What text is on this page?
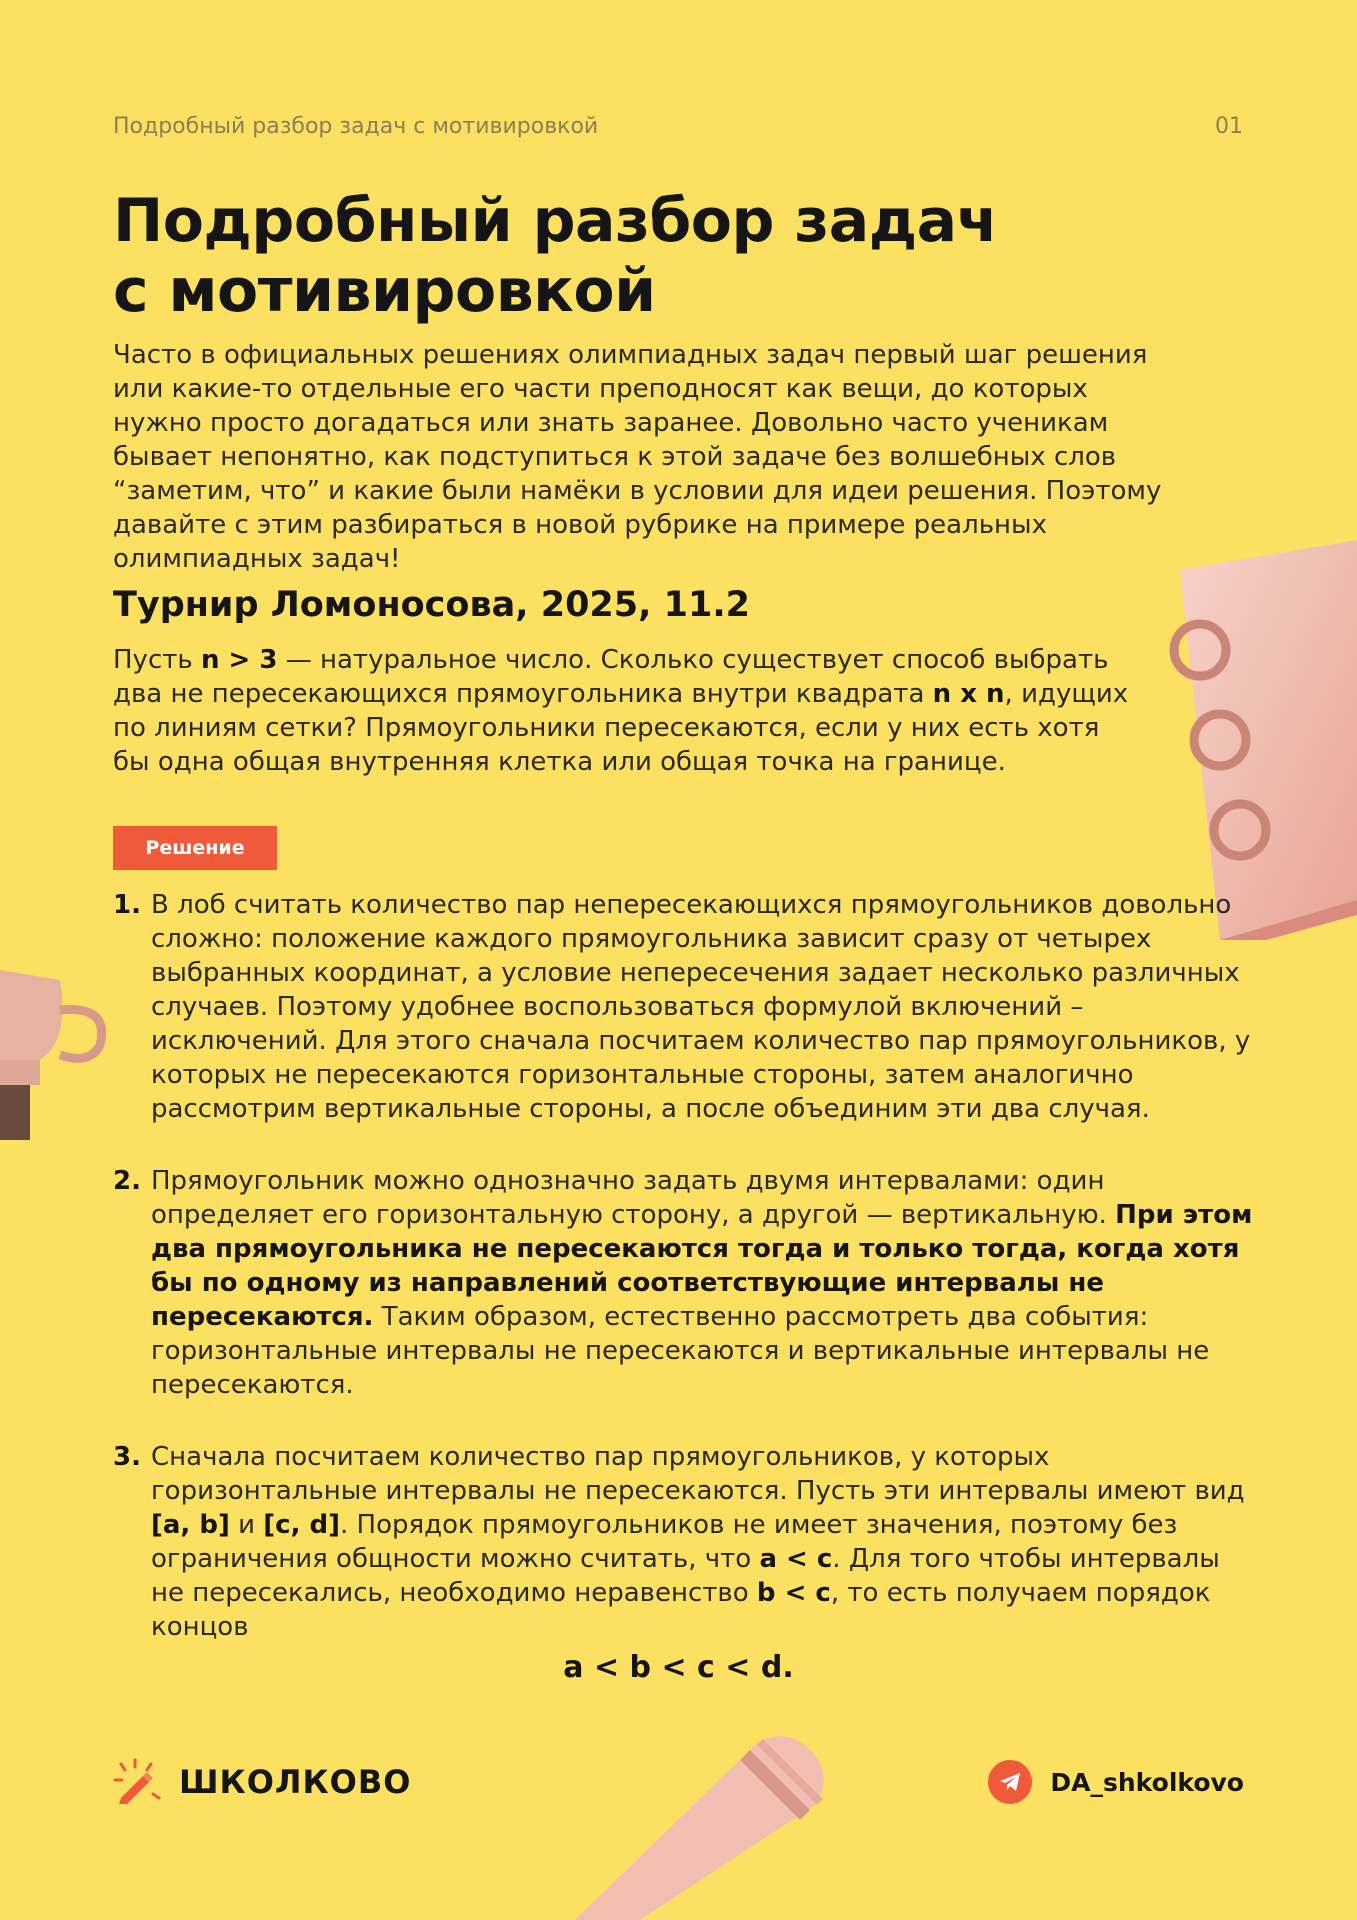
Подробный разбор задач с мотивировкой	01
Подробный разбор задач
с мотивировкой

Часто в официальных решениях олимпиадных задач первый шаг решения или какие-то отдельные его части преподносят как вещи, до которых нужно просто догадаться или знать заранее. Довольно часто ученикам бывает непонятно, как подступиться к этой задаче без волшебных слов “заметим, что” и какие были намёки в условии для идеи решения. Поэтому давайте с этим разбираться в новой рубрике на примере реальных олимпиадных задач!

Турнир Ломоносова, 2025, 11.2

Пусть n > 3 — натуральное число. Сколько существует способ выбрать два не пересекающихся прямоугольника внутри квадрата n x n, идущих по линиям сетки? Прямоугольники пересекаются, если у них есть хотя бы одна общая внутренняя клетка или общая точка на границе.

Решение
1. В лоб считать количество пар непересекающихся прямоугольников довольно сложно: положение каждого прямоугольника зависит сразу от четырех выбранных координат, а условие непересечения задает несколько различных случаев. Поэтому удобнее воспользоваться формулой включений – исключений. Для этого сначала посчитаем количество пар прямоугольников, у которых не пересекаются горизонтальные стороны, затем аналогично рассмотрим вертикальные стороны, а после объединим эти два случая.
2. Прямоугольник можно однозначно задать двумя интервалами: один определяет его горизонтальную сторону, а другой — вертикальную. При этом два прямоугольника не пересекаются тогда и только тогда, когда хотя бы по одному из направлений соответствующие интервалы не пересекаются. Таким образом, естественно рассмотреть два события: горизонтальные интервалы не пересекаются и вертикальные интервалы не пересекаются.
3. Сначала посчитаем количество пар прямоугольников, у которых горизонтальные интервалы не пересекаются. Пусть эти интервалы имеют вид [a, b] и [c, d]. Порядок прямоугольников не имеет значения, поэтому без ограничения общности можно считать, что a < c. Для того чтобы интервалы не пересекались, необходимо неравенство b < c, то есть получаем порядок концов
a < b < c < d.
ШКОЛКОВО	DA_shkolkovo
